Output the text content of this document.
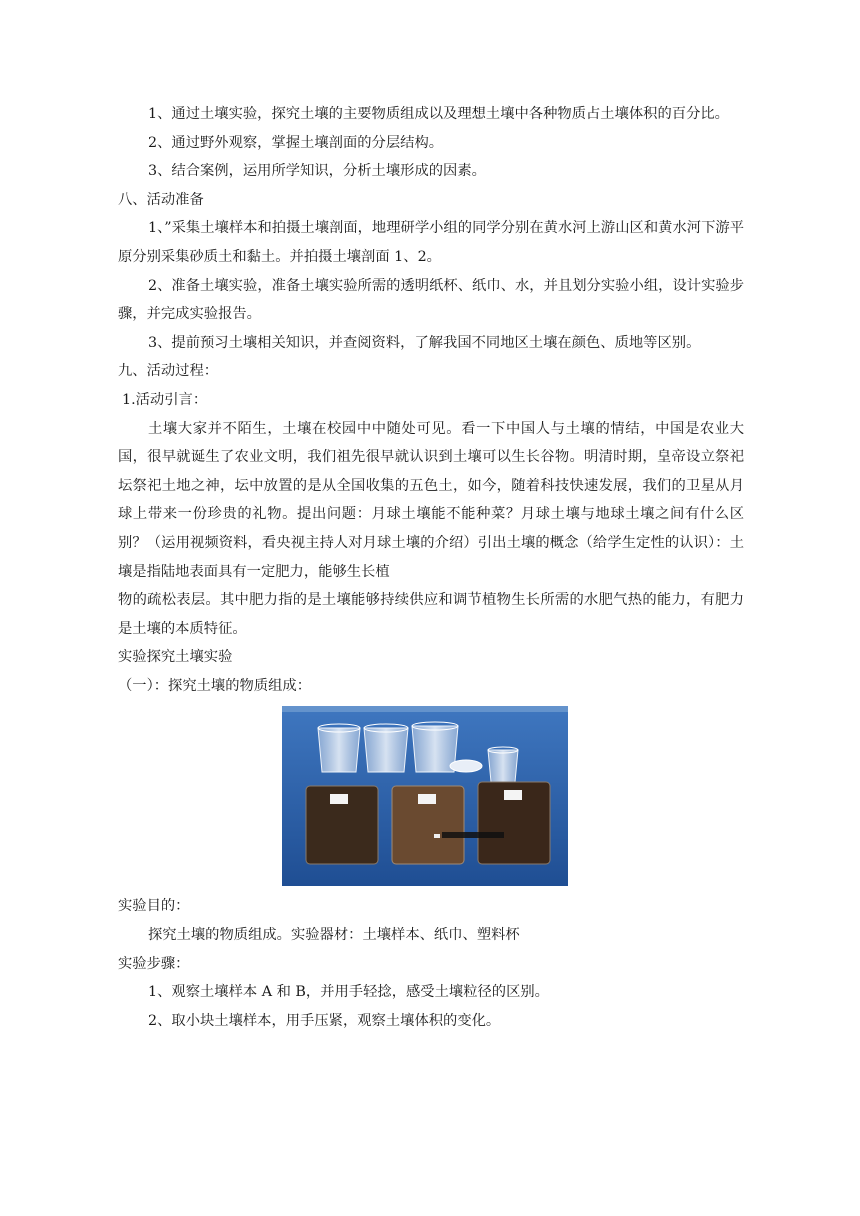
1、通过土壤实验，探究土壤的主要物质组成以及理想土壤中各种物质占土壤体积的百分比。

2、通过野外观察，掌握土壤剖面的分层结构。

3、结合案例，运用所学知识，分析土壤形成的因素。

八、活动准备

1、”采集土壤样本和拍摄土壤剖面，地理研学小组的同学分别在黄水河上游山区和黄水河下游平原分别采集砂质土和黏土。并拍摄土壤剖面 1、2。

2、准备土壤实验，准备土壤实验所需的透明纸杯、纸巾、水，并且划分实验小组，设计实验步骤，并完成实验报告。

3、提前预习土壤相关知识，并查阅资料，了解我国不同地区土壤在颜色、质地等区别。

九、活动过程：

1.活动引言：

土壤大家并不陌生，土壤在校园中中随处可见。看一下中国人与土壤的情结，中国是农业大国，很早就诞生了农业文明，我们祖先很早就认识到土壤可以生长谷物。明清时期，皇帝设立祭祀坛祭祀土地之神，坛中放置的是从全国收集的五色土，如今，随着科技快速发展，我们的卫星从月球上带来一份珍贵的礼物。提出问题：月球土壤能不能种菜？月球土壤与地球土壤之间有什么区别？（运用视频资料，看央视主持人对月球土壤的介绍）引出土壤的概念（给学生定性的认识）：土壤是指陆地表面具有一定肥力，能够生长植

物的疏松表层。其中肥力指的是土壤能够持续供应和调节植物生长所需的水肥气热的能力，有肥力是土壤的本质特征。

实验探究土壤实验

（一）：探究土壤的物质组成：

实验目的：

探究土壤的物质组成。实验器材：土壤样本、纸巾、塑料杯

实验步骤：

1、观察土壤样本 A 和 B，并用手轻捻，感受土壤粒径的区别。

2、取小块土壤样本，用手压紧，观察土壤体积的变化。
